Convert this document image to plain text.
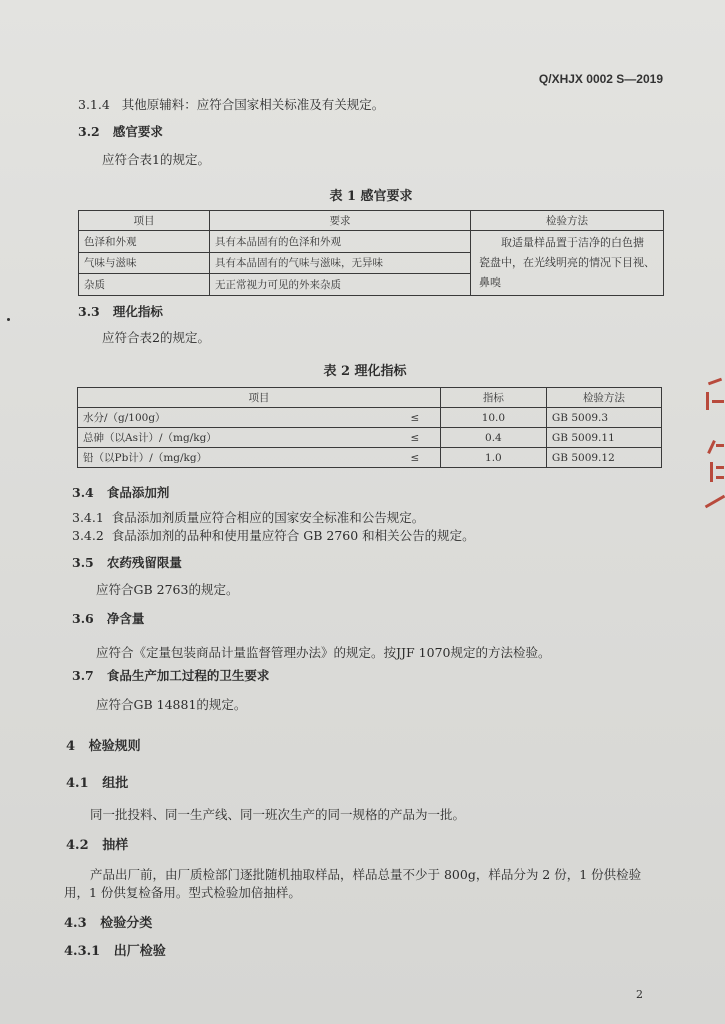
Q/XHJX 0002 S—2019
3.1.4 其他原辅料：应符合国家相关标准及有关规定。
3.2 感官要求
应符合表1的规定。
表 1 感官要求
项目	要求	检验方法
色泽和外观	具有本品固有的色泽和外观	取适量样品置于洁净的白色搪
瓷盘中，在光线明亮的情况下目视、
鼻嗅

气味与滋味	具有本品固有的气味与滋味，无异味	
杂质	无正常视力可见的外来杂质	
3.3 理化指标
应符合表2的规定。
表 2 理化指标
项目		指标	检验方法
水分/（g/100g）	≤	10.0	GB 5009.3
总砷（以As计）/（mg/kg）	≤	0.4	GB 5009.11
铅（以Pb计）/（mg/kg）	≤	1.0	GB 5009.12
3.4 食品添加剂
3.4.1 食品添加剂质量应符合相应的国家安全标准和公告规定。
3.4.2 食品添加剂的品种和使用量应符合 GB 2760 和相关公告的规定。
3.5 农药残留限量
应符合GB 2763的规定。
3.6 净含量
应符合《定量包装商品计量监督管理办法》的规定。按JJF 1070规定的方法检验。
3.7 食品生产加工过程的卫生要求
应符合GB 14881的规定。
4 检验规则
4.1 组批
同一批投料、同一生产线、同一班次生产的同一规格的产品为一批。
4.2 抽样
产品出厂前，由厂质检部门逐批随机抽取样品，样品总量不少于 800g，样品分为 2 份，1 份供检验
用，1 份供复检备用。型式检验加倍抽样。
4.3 检验分类
4.3.1 出厂检验
2
